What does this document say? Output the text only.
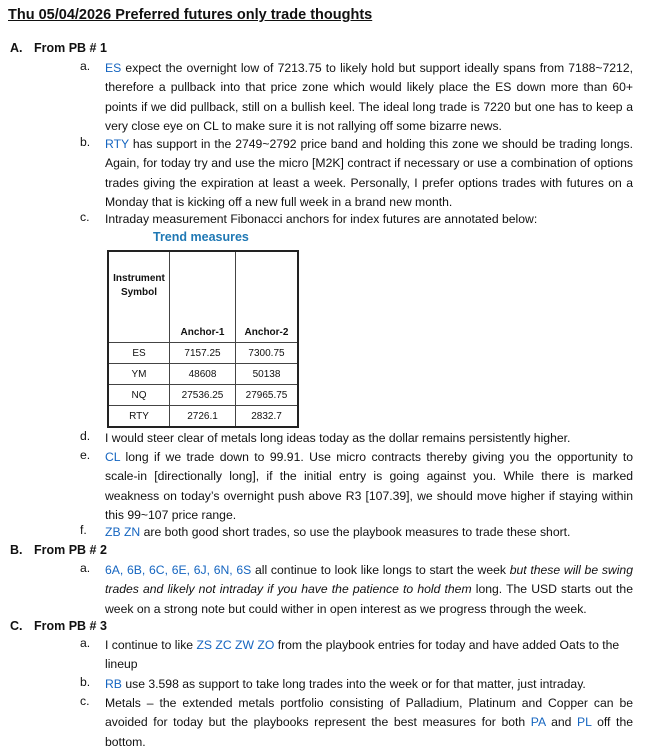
Thu 05/04/2026 Preferred futures only trade thoughts
A. From PB # 1
a.	ES expect the overnight low of 7213.75 to likely hold but support ideally spans from 7188~7212, therefore a pullback into that price zone which would likely place the ES down more than 60+ points if we did pullback, still on a bullish keel. The ideal long trade is 7220 but one has to keep a very close eye on CL to make sure it is not rallying off some bizarre news.
b.	RTY has support in the 2749~2792 price band and holding this zone we should be trading longs. Again, for today try and use the micro [M2K] contract if necessary or use a combination of options trades giving the expiration at least a week. Personally, I prefer options trades with futures on a Monday that is kicking off a new full week in a brand new month.
c.	Intraday measurement Fibonacci anchors for index futures are annotated below:
Trend measures
Instrument
Symbol	Anchor-1	Anchor-2
ES	7157.25	7300.75
YM	48608	50138
NQ	27536.25	27965.75
RTY	2726.1	2832.7
d.	I would steer clear of metals long ideas today as the dollar remains persistently higher.
e.	CL long if we trade down to 99.91. Use micro contracts thereby giving you the opportunity to scale-in [directionally long], if the initial entry is going against you. While there is marked weakness on today’s overnight push above R3 [107.39], we should move higher if staying within this 99~107 price range.
f.	ZB ZN are both good short trades, so use the playbook measures to trade these short.
B. From PB # 2
a.	6A, 6B, 6C, 6E, 6J, 6N, 6S all continue to look like longs to start the week but these will be swing trades and likely not intraday if you have the patience to hold them long. The USD starts out the week on a strong note but could wither in open interest as we progress through the week.
C. From PB # 3
a.	I continue to like ZS ZC ZW ZO from the playbook entries for today and have added Oats to the lineup
b.	RB use 3.598 as support to take long trades into the week or for that matter, just intraday.
c.	Metals – the extended metals portfolio consisting of Palladium, Platinum and Copper can be avoided for today but the playbooks represent the best measures for both PA and PL off the bottom.
